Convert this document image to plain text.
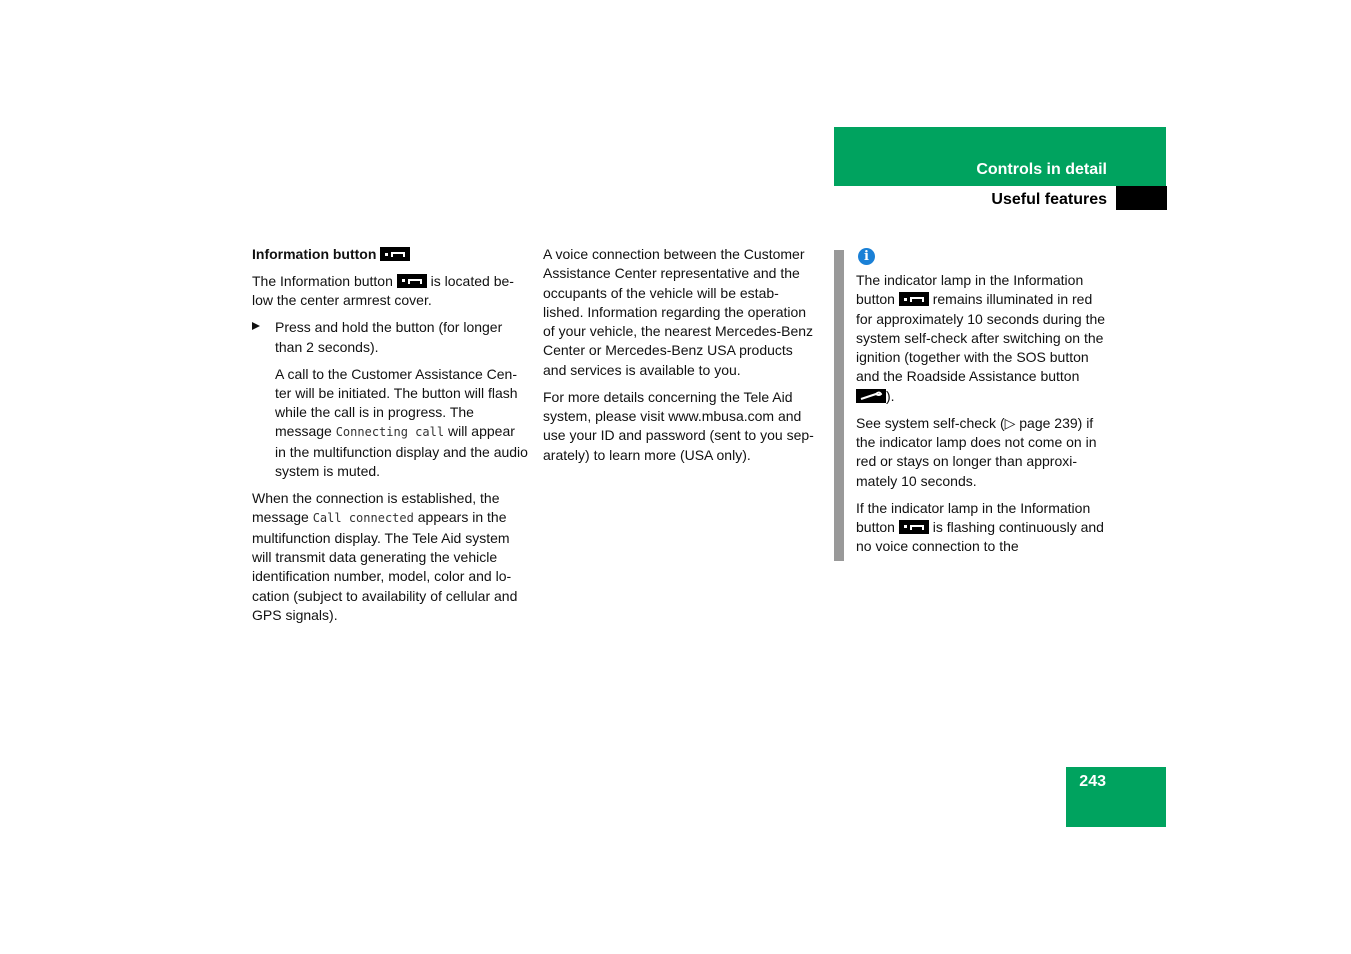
Controls in detail
Useful features

Information button

The Information button	is located be-low the center armrest cover.

Press and hold the button (for longer than 2 seconds).

A call to the Customer Assistance Cen-ter will be initiated. The button will flash while the call is in progress. The message Connecting call will appear in the multifunction display and the audio system is muted.

When the connection is established, the message Call connected appears in the multifunction display. The Tele Aid system will transmit data generating the vehicle identification number, model, color and lo-cation (subject to availability of cellular and GPS signals).

A voice connection between the Customer Assistance Center representative and the occupants of the vehicle will be estab-lished. Information regarding the operation of your vehicle, the nearest Mercedes-Benz Center or Mercedes-Benz USA products and services is available to you.

For more details concerning the Tele Aid system, please visit www.mbusa.com and use your ID and password (sent to you sep-arately) to learn more (USA only).

i

The indicator lamp in the Information button	remains illuminated in red for approximately 10 seconds during the system self-check after switching on the ignition (together with the SOS button and the Roadside Assistance button
).

See system self-check (▷ page 239) if the indicator lamp does not come on in red or stays on longer than approxi-mately 10 seconds.

If the indicator lamp in the Information button	is flashing continuously and no voice connection to the

243
